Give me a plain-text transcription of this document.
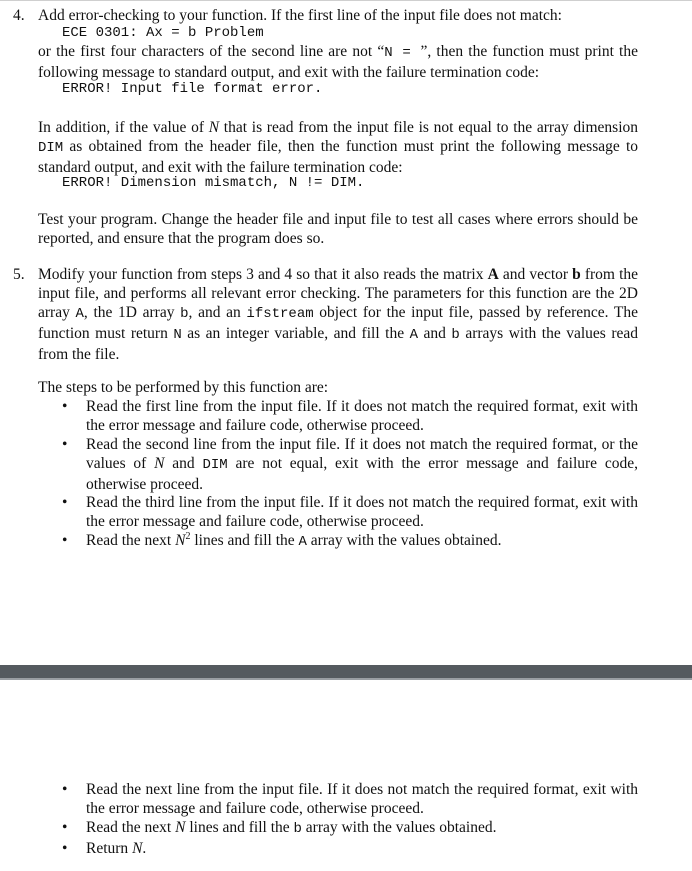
4. Add error-checking to your function. If the first line of the input file does not match:
ECE 0301: Ax = b Problem
or the first four characters of the second line are not “N = ”, then the function must print the following message to standard output, and exit with the failure termination code:
ERROR! Input file format error.
In addition, if the value of N that is read from the input file is not equal to the array dimension DIM as obtained from the header file, then the function must print the following message to standard output, and exit with the failure termination code:
ERROR! Dimension mismatch, N != DIM.
Test your program. Change the header file and input file to test all cases where errors should be reported, and ensure that the program does so.
5. Modify your function from steps 3 and 4 so that it also reads the matrix A and vector b from the input file, and performs all relevant error checking. The parameters for this function are the 2D array A, the 1D array b, and an ifstream object for the input file, passed by reference. The function must return N as an integer variable, and fill the A and b arrays with the values read from the file.
The steps to be performed by this function are:
• Read the first line from the input file. If it does not match the required format, exit with the error message and failure code, otherwise proceed.
• Read the second line from the input file. If it does not match the required format, or the values of N and DIM are not equal, exit with the error message and failure code, otherwise proceed.
• Read the third line from the input file. If it does not match the required format, exit with the error message and failure code, otherwise proceed.
• Read the next $N^2$ lines and fill the A array with the values obtained.
• Read the next line from the input file. If it does not match the required format, exit with the error message and failure code, otherwise proceed.
• Read the next N lines and fill the b array with the values obtained.
• Return N.
